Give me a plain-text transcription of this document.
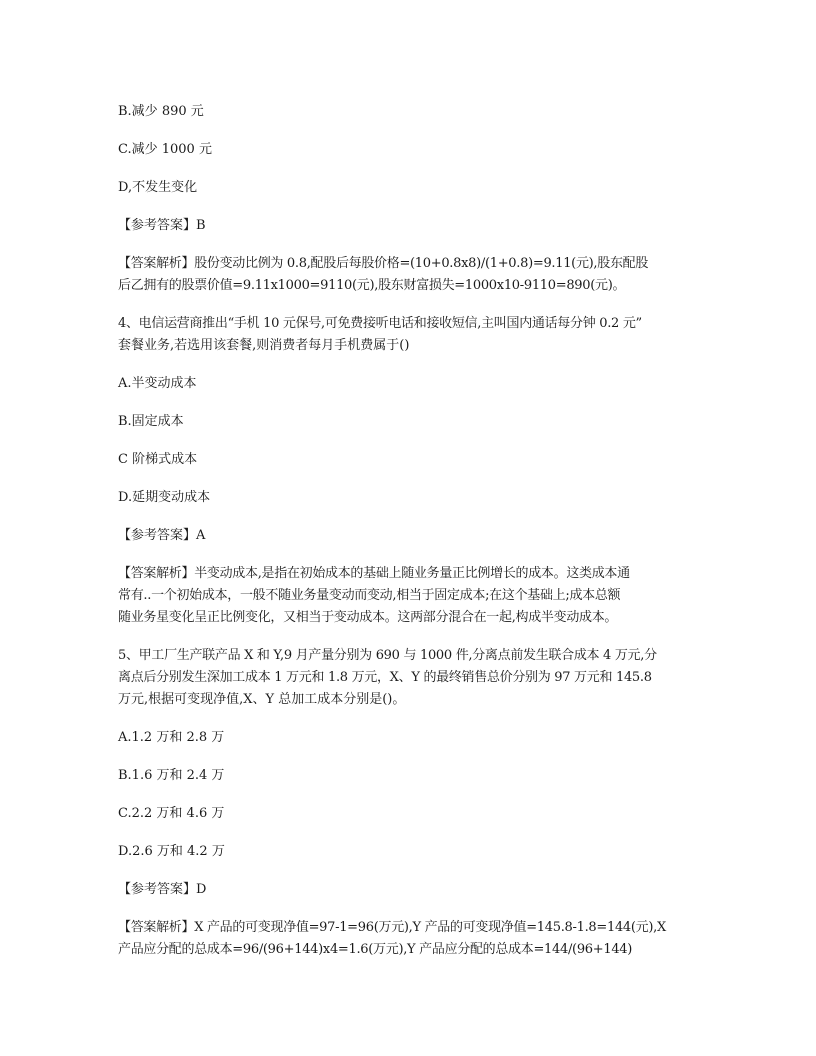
B.减少 890 元

C.减少 1000 元

D,不发生变化

【参考答案】B

【答案解析】股份变动比例为 0.8,配股后每股价格=(10+0.8x8)/(1+0.8)=9.11(元),股东配股

后乙拥有的股票价值=9.11x1000=9110(元),股东财富损失=1000x10-9110=890(元)。

4、电信运营商推出“手机 10 元保号,可免费接听电话和接收短信,主叫国内通话每分钟 0.2 元”

套餐业务,若选用该套餐,则消费者每月手机费属于()

A.半变动成本

B.固定成本

C 阶梯式成本

D.延期变动成本

【参考答案】A

【答案解析】半变动成本,是指在初始成本的基础上随业务量正比例增长的成本。这类成本通

常有..一个初始成本，一般不随业务量变动而变动,相当于固定成本;在这个基础上;成本总额

随业务星变化呈正比例变化，又相当于变动成本。这两部分混合在一起,构成半变动成本。

5、甲工厂生产联产品 X 和 Y,9 月产量分别为 690 与 1000 件,分离点前发生联合成本 4 万元,分

离点后分别发生深加工成本 1 万元和 1.8 万元，X、Y 的最终销售总价分别为 97 万元和 145.8

万元,根据可变现净值,X、Y 总加工成本分别是()。

A.1.2 万和 2.8 万

B.1.6 万和 2.4 万

C.2.2 万和 4.6 万

D.2.6 万和 4.2 万

【参考答案】D

【答案解析】X 产品的可变现净值=97-1=96(万元),Y 产品的可变现净值=145.8-1.8=144(元),X

产品应分配的总成本=96/(96+144)x4=1.6(万元),Y 产品应分配的总成本=144/(96+144)
